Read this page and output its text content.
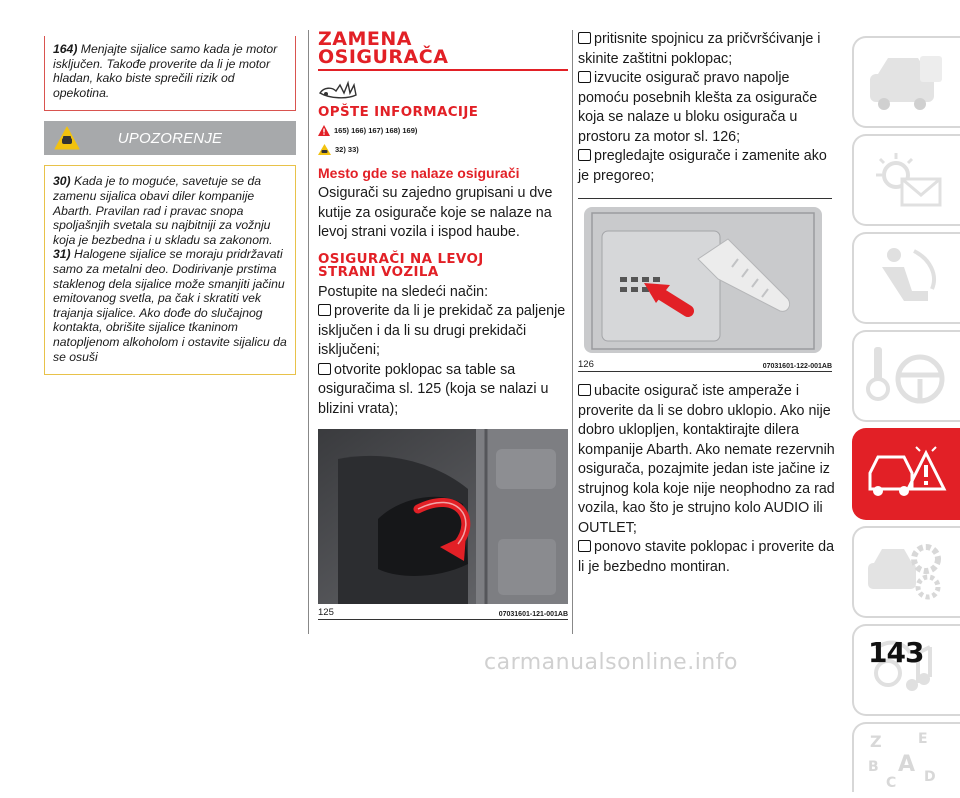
164) Menjajte sijalice samo kada je motor isključen. Takođe proverite da li je motor hladan, kako biste sprečili rizik od opekotina.
UPOZORENJE

30) Kada je to moguće, savetuje se da zamenu sijalica obavi diler kompanije Abarth. Pravilan rad i pravac snopa spoljašnjih svetala su najbitniji za vožnju koja je bezbedna i u skladu sa zakonom.

31) Halogene sijalice se moraju pridržavati samo za metalni deo. Dodirivanje prstima staklenog dela sijalice može smanjiti jačinu emitovanog svetla, pa čak i skratiti vek trajanja sijalice. Ako dođe do slučajnog kontakta, obrišite sijalice tkaninom natopljenom alkoholom i ostavite sijalicu da se osuši

ZAMENA
OSIGURAČA
OPŠTE INFORMACIJE
165) 166) 167) 168) 169)
32) 33)
Mesto gde se nalaze osigurači

Osigurači su zajedno grupisani u dve kutije za osigurače koje se nalaze na levoj strani vozila i ispod haube.

OSIGURAČI NA LEVOJ
STRANI VOZILA

Postupite na sledeći način:

proverite da li je prekidač za paljenje isključen i da li su drugi prekidači isključeni;

otvorite poklopac sa table sa osiguračima sl. 125 (koja se nalazi u blizini vrata);

125	07031601-121-001AB

pritisnite spojnicu za pričvršćivanje i skinite zaštitni poklopac;

izvucite osigurač pravo napolje pomoću posebnih klešta za osigurače koja se nalaze u bloku osigurača u prostoru za motor sl. 126;

pregledajte osigurače i zamenite ako je pregoreo;

126	07031601-122-001AB

ubacite osigurač iste amperaže i proverite da li se dobro uklopio. Ako nije dobro uklopljen, kontaktirajte dilera kompanije Abarth. Ako nemate rezervnih osigurača, pozajmite jedan iste jačine iz strujnog kola koje nije neophodno za rad vozila, kao što je strujno kolo AUDIO ili OUTLET;

ponovo stavite poklopac i proverite da li je bezbedno montiran.

Z	E
A
B
C D
143
carmanualsonline.info
